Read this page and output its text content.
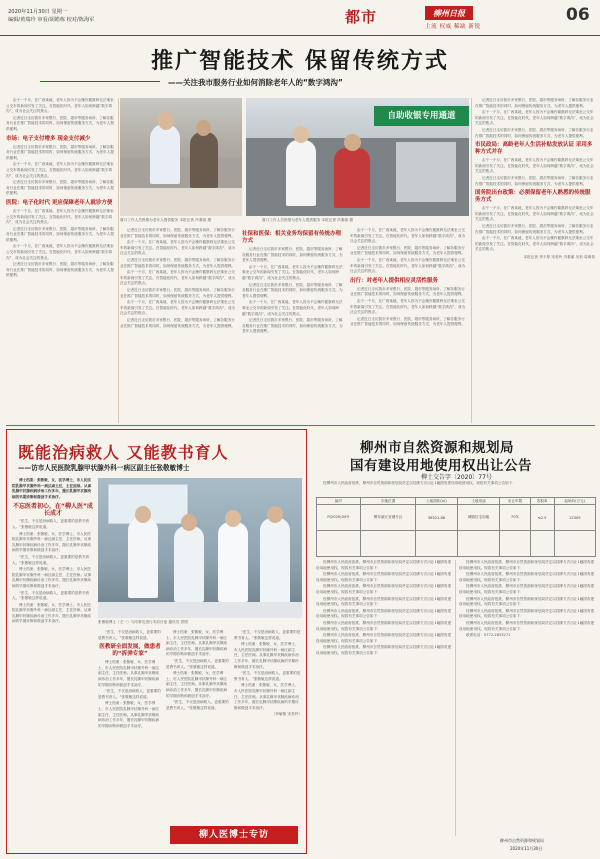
2020年11月30日 星期一
编辑/黄瑞玲 审看/胡皓栋 校对/陈海军	都市	柳州日报
主流 权威 稀缺 新锐
06
推广智能技术 保留传统方式
——关注我市服务行业如何消除老年人的“数字鸿沟”
窗口工作人员热情为老年人提供服务 本报记者 冯秦丽 摄
自助收银专用通道
窗口工作人员热情为老年人提供服务 本报记者 冯秦丽 摄

由于一个月，在广西某地，老年人因为不会操作健康码无法乘坐公交车的新闻引发了关注。在智能化时代，老年人如何跨越“数字鸿沟”，成为社会关注的焦点。

记者近日走访我市多家银行、医院、超市等服务场所，了解各服务行业在推广智能技术的同时，如何保留传统服务方式，为老年人提供便利。

市场：电子支付增多 现金支付减少

记者近日走访我市多家银行、医院、超市等服务场所，了解各服务行业在推广智能技术的同时，如何保留传统服务方式，为老年人提供便利。

由于一个月，在广西某地，老年人因为不会操作健康码无法乘坐公交车的新闻引发了关注。在智能化时代，老年人如何跨越“数字鸿沟”，成为社会关注的焦点。

记者近日走访我市多家银行、医院、超市等服务场所，了解各服务行业在推广智能技术的同时，如何保留传统服务方式，为老年人提供便利。

医院：电子化时代 更应保障老年人就诊方便

由于一个月，在广西某地，老年人因为不会操作健康码无法乘坐公交车的新闻引发了关注。在智能化时代，老年人如何跨越“数字鸿沟”，成为社会关注的焦点。

记者近日走访我市多家银行、医院、超市等服务场所，了解各服务行业在推广智能技术的同时，如何保留传统服务方式，为老年人提供便利。

由于一个月，在广西某地，老年人因为不会操作健康码无法乘坐公交车的新闻引发了关注。在智能化时代，老年人如何跨越“数字鸿沟”，成为社会关注的焦点。

记者近日走访我市多家银行、医院、超市等服务场所，了解各服务行业在推广智能技术的同时，如何保留传统服务方式，为老年人提供便利。

记者近日走访我市多家银行、医院、超市等服务场所，了解各服务行业在推广智能技术的同时，如何保留传统服务方式，为老年人提供便利。

由于一个月，在广西某地，老年人因为不会操作健康码无法乘坐公交车的新闻引发了关注。在智能化时代，老年人如何跨越“数字鸿沟”，成为社会关注的焦点。

记者近日走访我市多家银行、医院、超市等服务场所，了解各服务行业在推广智能技术的同时，如何保留传统服务方式，为老年人提供便利。

由于一个月，在广西某地，老年人因为不会操作健康码无法乘坐公交车的新闻引发了关注。在智能化时代，老年人如何跨越“数字鸿沟”，成为社会关注的焦点。

记者近日走访我市多家银行、医院、超市等服务场所，了解各服务行业在推广智能技术的同时，如何保留传统服务方式，为老年人提供便利。

由于一个月，在广西某地，老年人因为不会操作健康码无法乘坐公交车的新闻引发了关注。在智能化时代，老年人如何跨越“数字鸿沟”，成为社会关注的焦点。

记者近日走访我市多家银行、医院、超市等服务场所，了解各服务行业在推广智能技术的同时，如何保留传统服务方式，为老年人提供便利。

社保和医保：相关业务均保留有传统办理方式

记者近日走访我市多家银行、医院、超市等服务场所，了解各服务行业在推广智能技术的同时，如何保留传统服务方式，为老年人提供便利。

由于一个月，在广西某地，老年人因为不会操作健康码无法乘坐公交车的新闻引发了关注。在智能化时代，老年人如何跨越“数字鸿沟”，成为社会关注的焦点。

记者近日走访我市多家银行、医院、超市等服务场所，了解各服务行业在推广智能技术的同时，如何保留传统服务方式，为老年人提供便利。

由于一个月，在广西某地，老年人因为不会操作健康码无法乘坐公交车的新闻引发了关注。在智能化时代，老年人如何跨越“数字鸿沟”，成为社会关注的焦点。

记者近日走访我市多家银行、医院、超市等服务场所，了解各服务行业在推广智能技术的同时，如何保留传统服务方式，为老年人提供便利。

由于一个月，在广西某地，老年人因为不会操作健康码无法乘坐公交车的新闻引发了关注。在智能化时代，老年人如何跨越“数字鸿沟”，成为社会关注的焦点。

记者近日走访我市多家银行、医院、超市等服务场所，了解各服务行业在推广智能技术的同时，如何保留传统服务方式，为老年人提供便利。

由于一个月，在广西某地，老年人因为不会操作健康码无法乘坐公交车的新闻引发了关注。在智能化时代，老年人如何跨越“数字鸿沟”，成为社会关注的焦点。

出行：对老年人提供相应灵活性服务

记者近日走访我市多家银行、医院、超市等服务场所，了解各服务行业在推广智能技术的同时，如何保留传统服务方式，为老年人提供便利。

由于一个月，在广西某地，老年人因为不会操作健康码无法乘坐公交车的新闻引发了关注。在智能化时代，老年人如何跨越“数字鸿沟”，成为社会关注的焦点。

记者近日走访我市多家银行、医院、超市等服务场所，了解各服务行业在推广智能技术的同时，如何保留传统服务方式，为老年人提供便利。

记者近日走访我市多家银行、医院、超市等服务场所，了解各服务行业在推广智能技术的同时，如何保留传统服务方式，为老年人提供便利。

由于一个月，在广西某地，老年人因为不会操作健康码无法乘坐公交车的新闻引发了关注。在智能化时代，老年人如何跨越“数字鸿沟”，成为社会关注的焦点。

记者近日走访我市多家银行、医院、超市等服务场所，了解各服务行业在推广智能技术的同时，如何保留传统服务方式，为老年人提供便利。

市民政局：高龄老年人生活补贴发放认证 采用多种方式并存

由于一个月，在广西某地，老年人因为不会操作健康码无法乘坐公交车的新闻引发了关注。在智能化时代，老年人如何跨越“数字鸿沟”，成为社会关注的焦点。

记者近日走访我市多家银行、医院、超市等服务场所，了解各服务行业在推广智能技术的同时，如何保留传统服务方式，为老年人提供便利。

国务院出台政策：必须保留老年人熟悉的传统服务方式

由于一个月，在广西某地，老年人因为不会操作健康码无法乘坐公交车的新闻引发了关注。在智能化时代，老年人如何跨越“数字鸿沟”，成为社会关注的焦点。

记者近日走访我市多家银行、医院、超市等服务场所，了解各服务行业在推广智能技术的同时，如何保留传统服务方式，为老年人提供便利。

由于一个月，在广西某地，老年人因为不会操作健康码无法乘坐公交车的新闻引发了关注。在智能化时代，老年人如何跨越“数字鸿沟”，成为社会关注的焦点。

本报记者 李丰厚 宋美玲 冯秦丽 吴松 周明伟
既能治病救人 又能教书育人
——访市人民医院乳腺甲状腺外科一病区副主任张敬敏博士

博士档案：张敬敏，女，医学博士，市人民医院乳腺甲状腺外科一病区副主任，主任医师。从事乳腺甲状腺疾病诊治工作多年，擅长乳腺甲状腺疾病的早期诊断和微创手术治疗。

不忘医者初心，在“柳人医”成长成才

“医生，不仅是治病救人，更重要的是教书育人。”张敬敏这样说道。

博士档案：张敬敏，女，医学博士，市人民医院乳腺甲状腺外科一病区副主任，主任医师。从事乳腺甲状腺疾病诊治工作多年，擅长乳腺甲状腺疾病的早期诊断和微创手术治疗。

“医生，不仅是治病救人，更重要的是教书育人。”张敬敏这样说道。

博士档案：张敬敏，女，医学博士，市人民医院乳腺甲状腺外科一病区副主任，主任医师。从事乳腺甲状腺疾病诊治工作多年，擅长乳腺甲状腺疾病的早期诊断和微创手术治疗。

“医生，不仅是治病救人，更重要的是教书育人。”张敬敏这样说道。

博士档案：张敬敏，女，医学博士，市人民医院乳腺甲状腺外科一病区副主任，主任医师。从事乳腺甲状腺疾病诊治工作多年，擅长乳腺甲状腺疾病的早期诊断和微创手术治疗。	张敬敏博士（左一）与同事们进行术前讨论 通讯员 供图

“医生，不仅是治病救人，更重要的是教书育人。”张敬敏这样说道。

医教研全面发展，做患者的“拆弹专家”

博士档案：张敬敏，女，医学博士，市人民医院乳腺甲状腺外科一病区副主任，主任医师。从事乳腺甲状腺疾病诊治工作多年，擅长乳腺甲状腺疾病的早期诊断和微创手术治疗。

“医生，不仅是治病救人，更重要的是教书育人。”张敬敏这样说道。

博士档案：张敬敏，女，医学博士，市人民医院乳腺甲状腺外科一病区副主任，主任医师。从事乳腺甲状腺疾病诊治工作多年，擅长乳腺甲状腺疾病的早期诊断和微创手术治疗。

博士档案：张敬敏，女，医学博士，市人民医院乳腺甲状腺外科一病区副主任，主任医师。从事乳腺甲状腺疾病诊治工作多年，擅长乳腺甲状腺疾病的早期诊断和微创手术治疗。

“医生，不仅是治病救人，更重要的是教书育人。”张敬敏这样说道。

博士档案：张敬敏，女，医学博士，市人民医院乳腺甲状腺外科一病区副主任，主任医师。从事乳腺甲状腺疾病诊治工作多年，擅长乳腺甲状腺疾病的早期诊断和微创手术治疗。

“医生，不仅是治病救人，更重要的是教书育人。”张敬敏这样说道。

“医生，不仅是治病救人，更重要的是教书育人。”张敬敏这样说道。

博士档案：张敬敏，女，医学博士，市人民医院乳腺甲状腺外科一病区副主任，主任医师。从事乳腺甲状腺疾病诊治工作多年，擅长乳腺甲状腺疾病的早期诊断和微创手术治疗。

“医生，不仅是治病救人，更重要的是教书育人。”张敬敏这样说道。

博士档案：张敬敏，女，医学博士，市人民医院乳腺甲状腺外科一病区副主任，主任医师。从事乳腺甲状腺疾病诊治工作多年，擅长乳腺甲状腺疾病的早期诊断和微创手术治疗。

（李敏敏 宋美玲）
柳人医博士专访
柳州市自然资源和规划局
国有建设用地使用权出让公告
柳土交告字〔2020〕77号

经柳州市人民政府批准，柳州市自然资源和规划局决定以挂牌方式出让1幅国有建设用地使用权。现将有关事项公告如下：

编号	宗地位置	土地面积(㎡)	土地用途	出让年限	容积率	起始价(万元)
P(2020)34号	柳东新区官塘片区	36521.88	城镇住宅用地	70年	≤2.5	12309

经柳州市人民政府批准，柳州市自然资源和规划局决定以挂牌方式出让1幅国有建设用地使用权。现将有关事项公告如下：

经柳州市人民政府批准，柳州市自然资源和规划局决定以挂牌方式出让1幅国有建设用地使用权。现将有关事项公告如下：

经柳州市人民政府批准，柳州市自然资源和规划局决定以挂牌方式出让1幅国有建设用地使用权。现将有关事项公告如下：

经柳州市人民政府批准，柳州市自然资源和规划局决定以挂牌方式出让1幅国有建设用地使用权。现将有关事项公告如下：

经柳州市人民政府批准，柳州市自然资源和规划局决定以挂牌方式出让1幅国有建设用地使用权。现将有关事项公告如下：

经柳州市人民政府批准，柳州市自然资源和规划局决定以挂牌方式出让1幅国有建设用地使用权。现将有关事项公告如下：

经柳州市人民政府批准，柳州市自然资源和规划局决定以挂牌方式出让1幅国有建设用地使用权。现将有关事项公告如下：

经柳州市人民政府批准，柳州市自然资源和规划局决定以挂牌方式出让1幅国有建设用地使用权。现将有关事项公告如下：

经柳州市人民政府批准，柳州市自然资源和规划局决定以挂牌方式出让1幅国有建设用地使用权。现将有关事项公告如下：

经柳州市人民政府批准，柳州市自然资源和规划局决定以挂牌方式出让1幅国有建设用地使用权。现将有关事项公告如下：

经柳州市人民政府批准，柳州市自然资源和规划局决定以挂牌方式出让1幅国有建设用地使用权。现将有关事项公告如下：

经柳州市人民政府批准，柳州市自然资源和规划局决定以挂牌方式出让1幅国有建设用地使用权。现将有关事项公告如下：

经柳州市人民政府批准，柳州市自然资源和规划局决定以挂牌方式出让1幅国有建设用地使用权。现将有关事项公告如下：

经柳州市人民政府批准，柳州市自然资源和规划局决定以挂牌方式出让1幅国有建设用地使用权。现将有关事项公告如下：

联系电话：0772-2833271

柳州市自然资源和规划局
2020年11月30日
